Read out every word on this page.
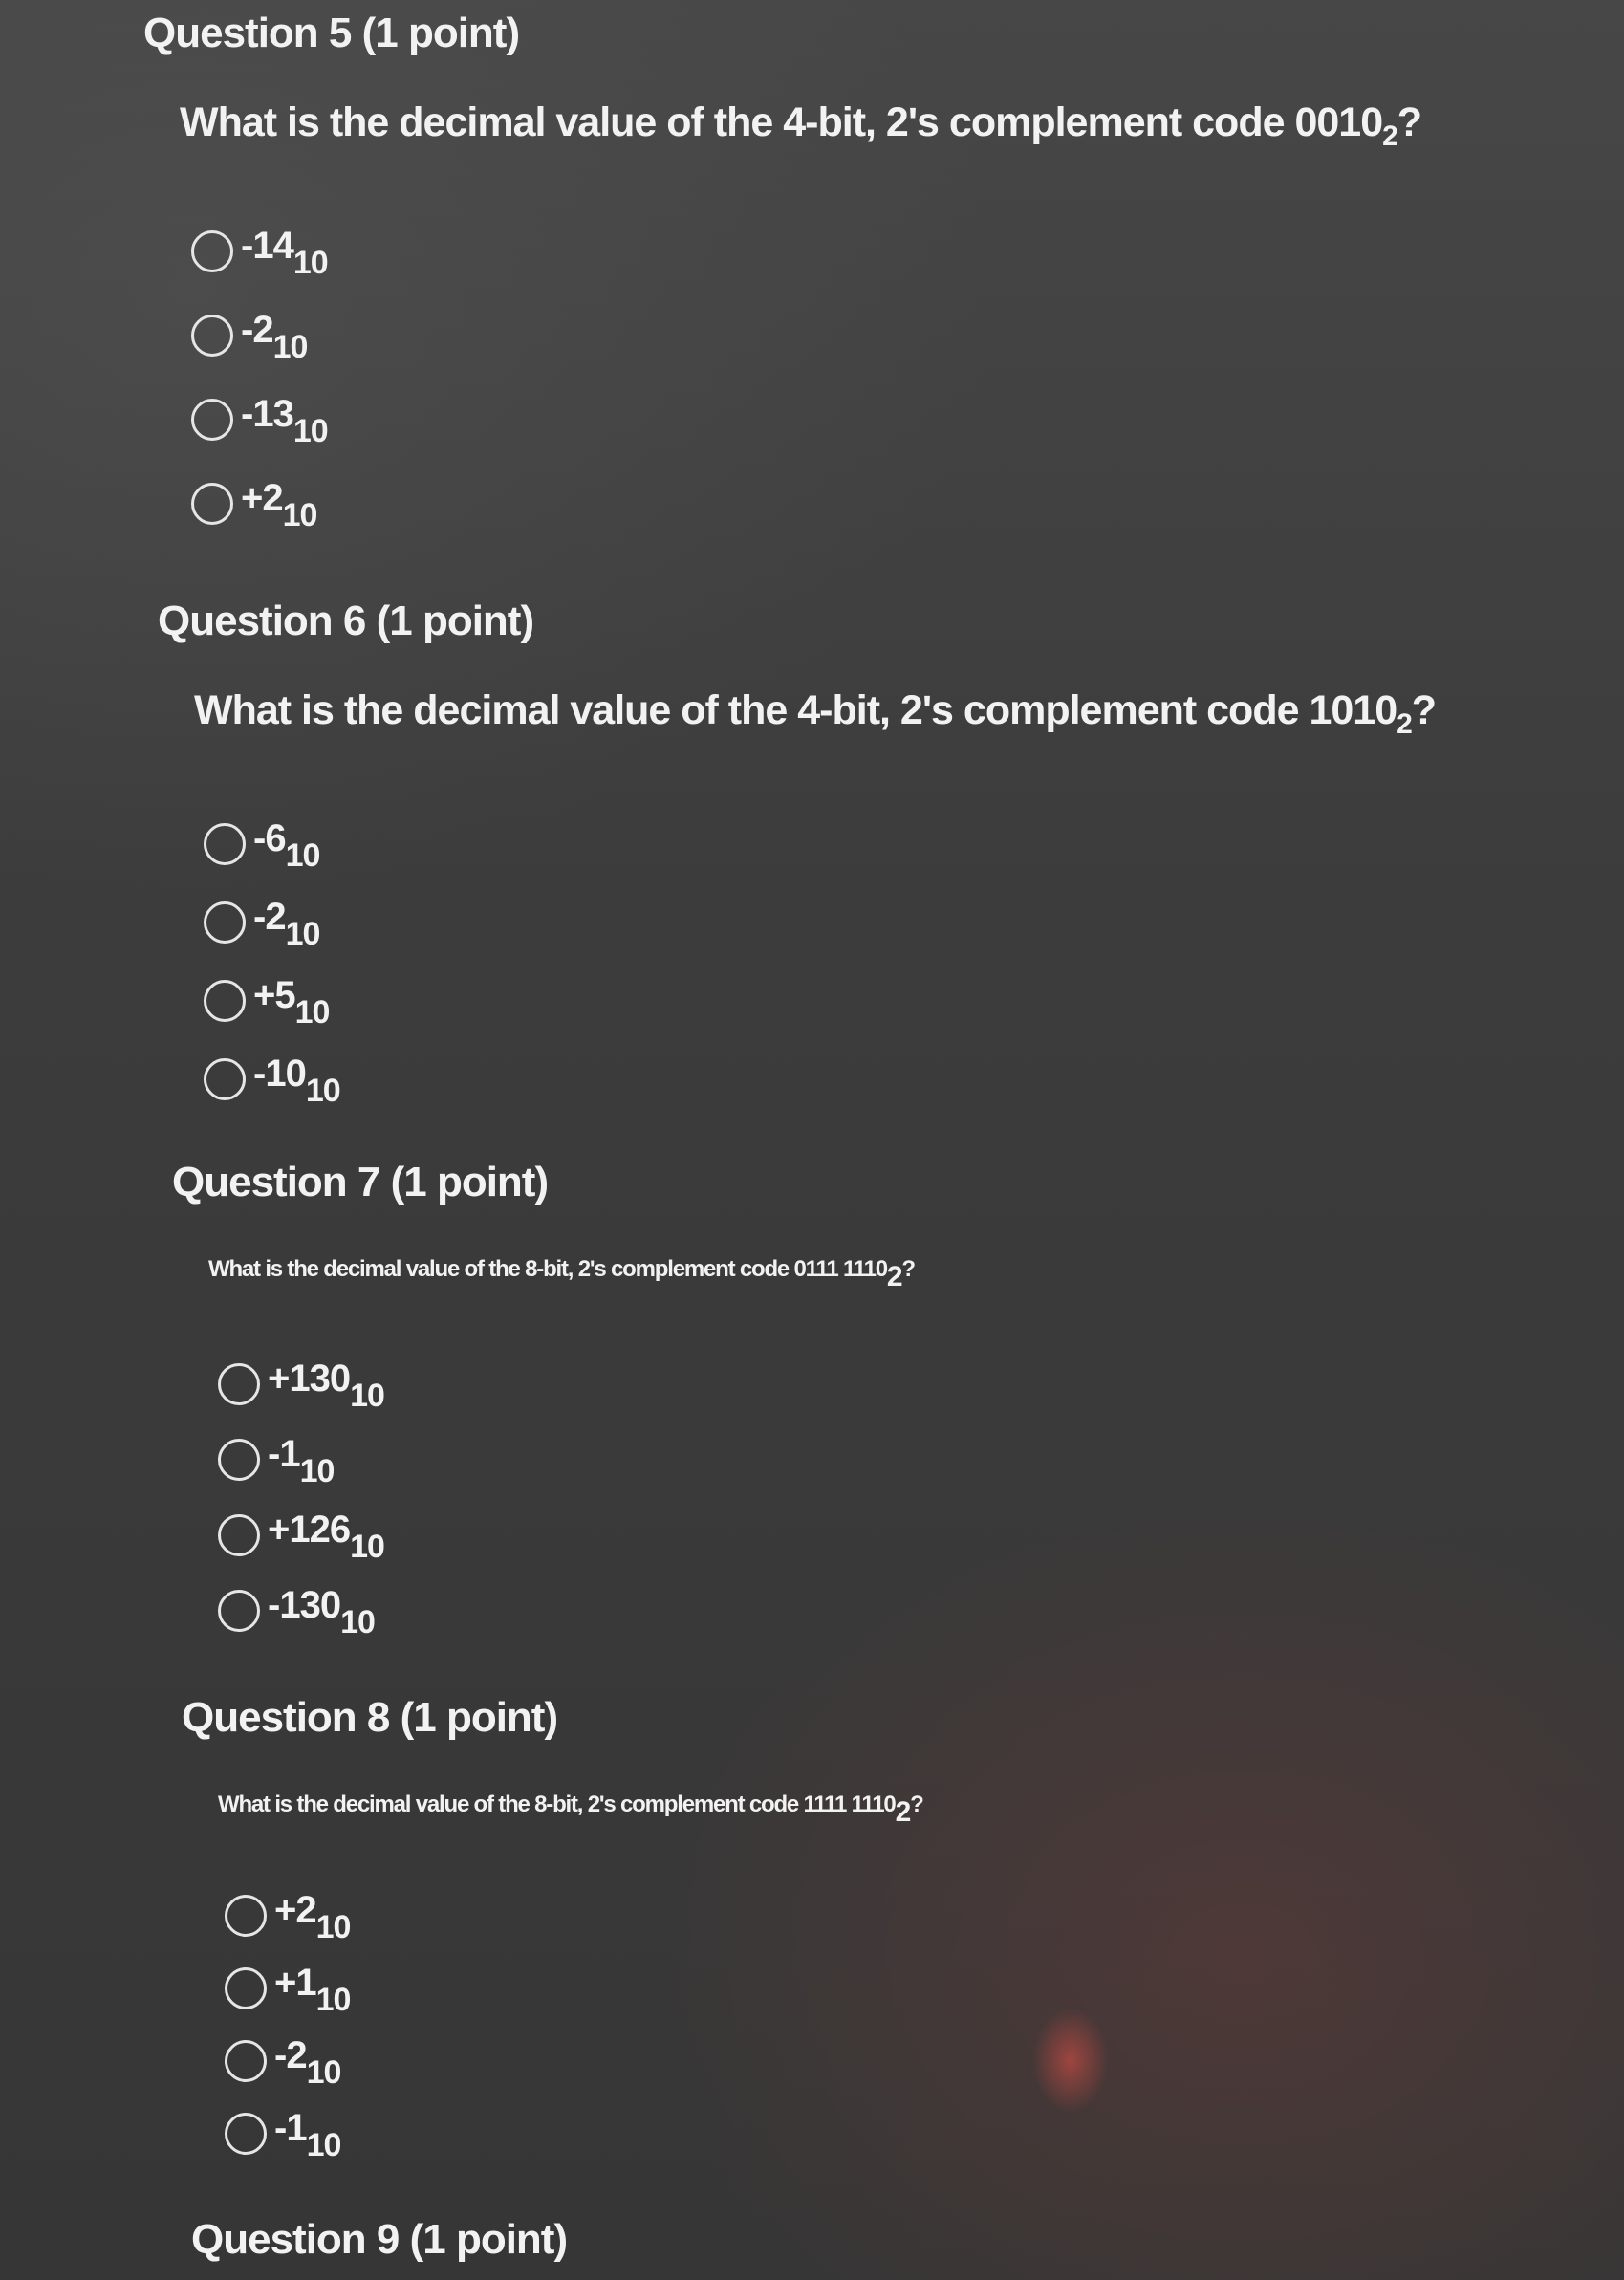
Question 5 (1 point)

What is the decimal value of the 4-bit, 2's complement code $0010_2$?

$-14_{10}$
$-2_{10}$
$-13_{10}$
$+2_{10}$
Question 6 (1 point)

What is the decimal value of the 4-bit, 2's complement code $1010_2$?

$-6_{10}$
$-2_{10}$
$+5_{10}$
$-10_{10}$
Question 7 (1 point)

What is the decimal value of the 8-bit, 2's complement code 0111 $1110_2$?

$+130_{10}$
$-1_{10}$
$+126_{10}$
$-130_{10}$
Question 8 (1 point)

What is the decimal value of the 8-bit, 2's complement code 1111 $1110_2$?

$+2_{10}$
$+1_{10}$
$-2_{10}$
$-1_{10}$
Question 9 (1 point)
